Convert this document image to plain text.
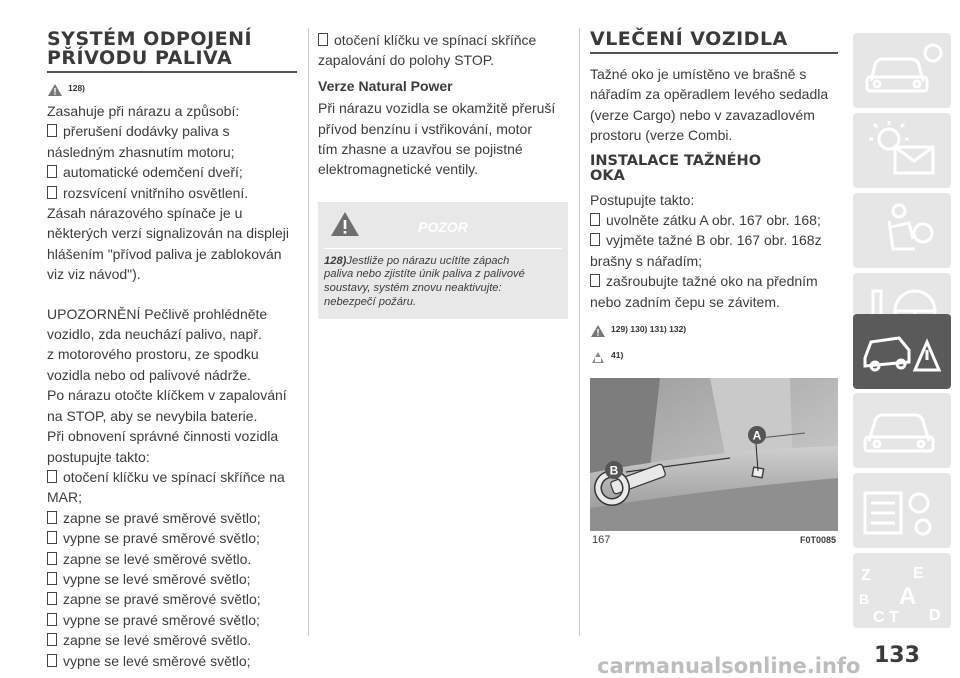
SYSTÉM ODPOJENÍ
PŘÍVODU PALIVA
128)

Zasahuje při nárazu a způsobí:

přerušení dodávky paliva s

následným zhasnutím motoru;

automatické odemčení dveří;

rozsvícení vnitřního osvětlení.

Zásah nárazového spínače je u

některých verzí signalizován na displeji

hlášením "přívod paliva je zablokován

viz viz návod").

UPOZORNĚNÍ Pečlivě prohlédněte

vozidlo, zda neuchází palivo, např.

z motorového prostoru, ze spodku

vozidla nebo od palivové nádrže.

Po nárazu otočte klíčkem v zapalování

na STOP, aby se nevybila baterie.

Při obnovení správné činnosti vozidla

postupujte takto:

otočení klíčku ve spínací skříňce na

MAR;

zapne se pravé směrové světlo;

vypne se pravé směrové světlo;

zapne se levé směrové světlo.

vypne se levé směrové světlo;

zapne se pravé směrové světlo;

vypne se pravé směrové světlo;

zapne se levé směrové světlo.

vypne se levé směrové světlo;

otočení klíčku ve spínací skříňce

zapalování do polohy STOP.

Verze Natural Power

Při nárazu vozidla se okamžitě přeruší

přívod benzínu i vstřikování, motor

tím zhasne a uzavřou se pojistné

elektromagnetické ventily.

POZOR
128)Jestliže po nárazu ucítíte zápach
paliva nebo zjistíte únik paliva z palivové
soustavy, systém znovu neaktivujte:
nebezpečí požáru.
VLEČENÍ VOZIDLA

Tažné oko je umístěno ve brašně s

nářadím za opěradlem levého sedadla

(verze Cargo) nebo v zavazadlovém

prostoru (verze Combi.

INSTALACE TAŽNÉHO
OKA

Postupujte takto:

uvolněte zátku A obr. 167 obr. 168;

vyjměte tažné B obr. 167 obr. 168z

brašny s nářadím;

zašroubujte tažné oko na předním

nebo zadním čepu se závitem.

129) 130) 131) 132)
41)
A
B
167	F0T0085
Z	E
B A
C T D
133
carmanualsonline.info
